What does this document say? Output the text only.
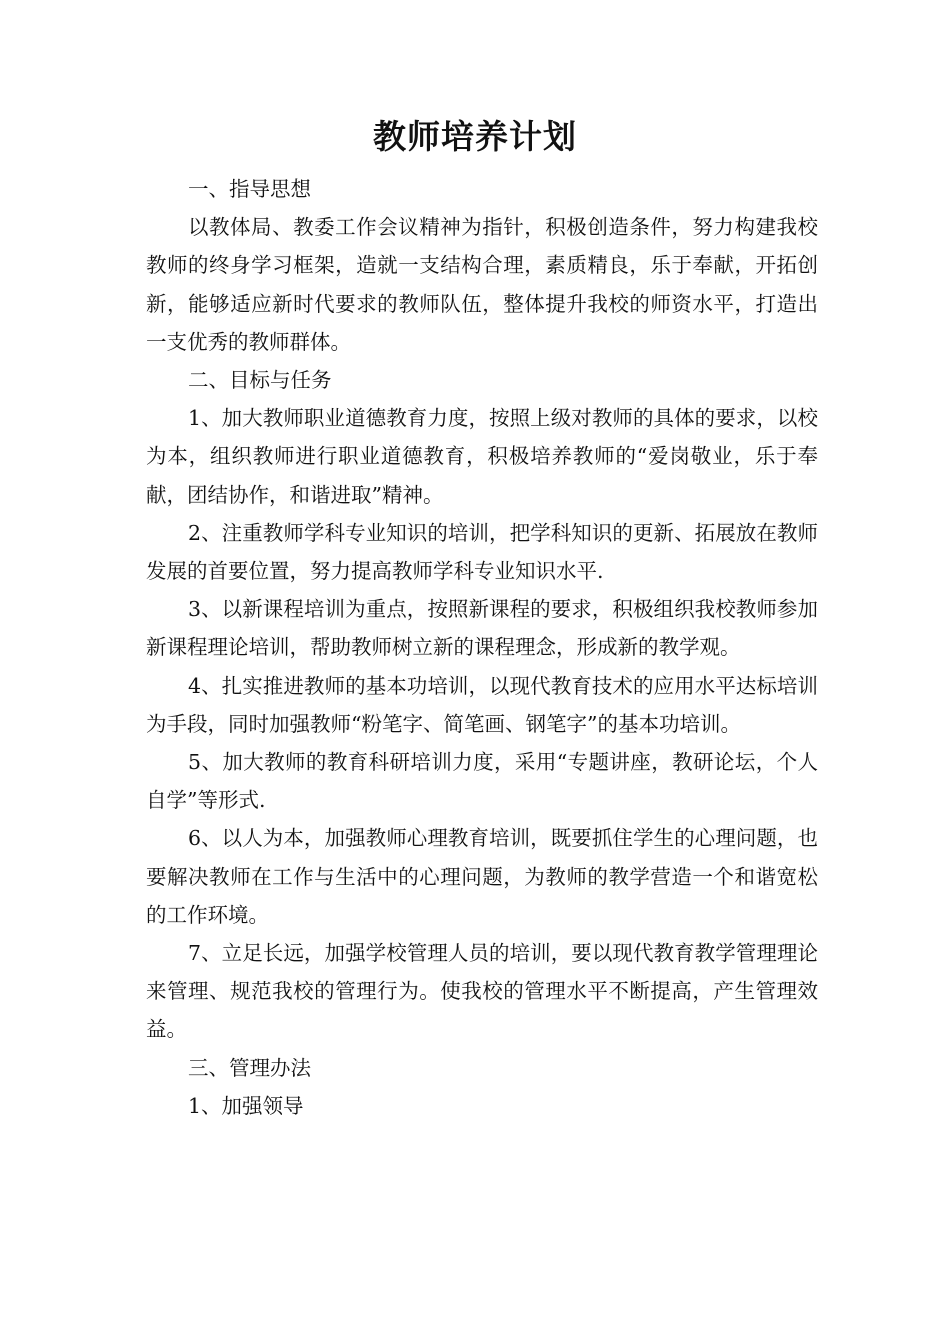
教师培养计划

一、指导思想

以教体局、教委工作会议精神为指针，积极创造条件，努力构建我校教师的终身学习框架，造就一支结构合理，素质精良，乐于奉献，开拓创新，能够适应新时代要求的教师队伍，整体提升我校的师资水平，打造出一支优秀的教师群体。

二、目标与任务

1、加大教师职业道德教育力度，按照上级对教师的具体的要求，以校为本，组织教师进行职业道德教育，积极培养教师的“爱岗敬业，乐于奉献，团结协作，和谐进取”精神。

2、注重教师学科专业知识的培训，把学科知识的更新、拓展放在教师发展的首要位置，努力提高教师学科专业知识水平.

3、以新课程培训为重点，按照新课程的要求，积极组织我校教师参加新课程理论培训，帮助教师树立新的课程理念，形成新的教学观。

4、扎实推进教师的基本功培训，以现代教育技术的应用水平达标培训为手段，同时加强教师“粉笔字、简笔画、钢笔字”的基本功培训。

5、加大教师的教育科研培训力度，采用“专题讲座，教研论坛，个人自学”等形式.

6、以人为本，加强教师心理教育培训，既要抓住学生的心理问题，也要解决教师在工作与生活中的心理问题，为教师的教学营造一个和谐宽松的工作环境。

7、立足长远，加强学校管理人员的培训，要以现代教育教学管理理论来管理、规范我校的管理行为。使我校的管理水平不断提高，产生管理效益。

三、管理办法

1、加强领导
